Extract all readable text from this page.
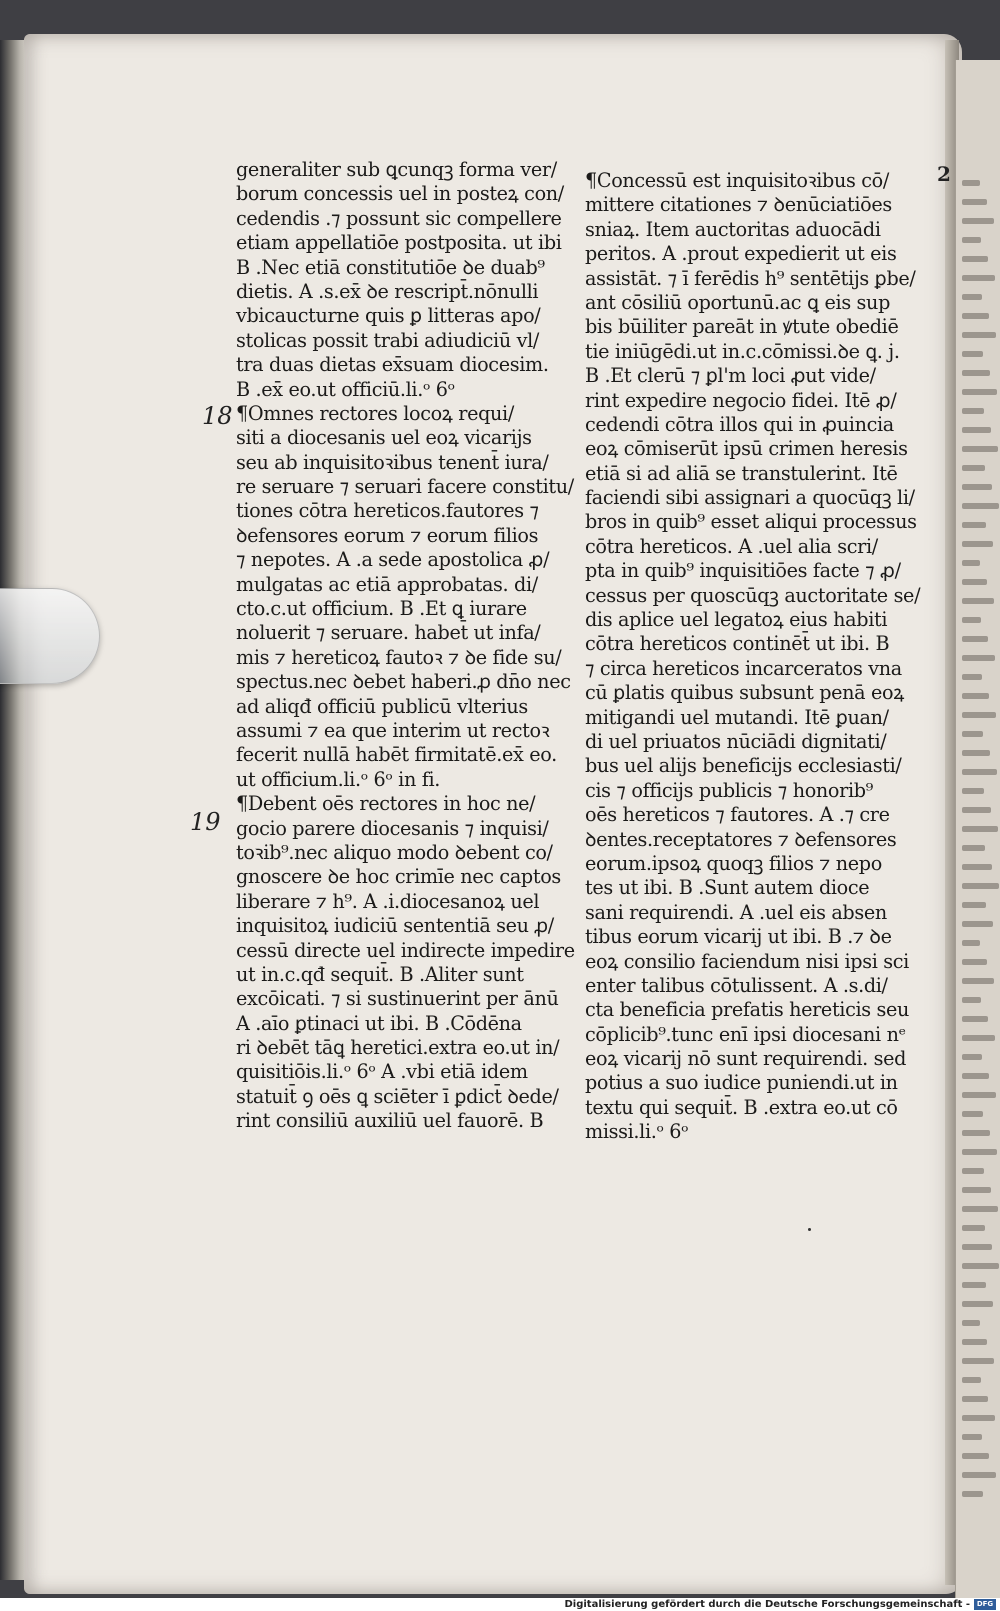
2
18
19
generaliter sub ꝗcunqꝫ forma ver/
borum concessis uel in posteꝝ con/
cedendis .⁊ possunt sic compellere
etiam appellatiōe postposita. ut ibi
B .Nec etiā constitutiōe ꝺe duab⁹
dietis. A .s.ex̄ ꝺe rescript̄.nōnulli
vbicaucturne quis ꝑ litteras apo/
stolicas possit trabi adiudiciū vl/
tra duas dietas ex̄suam diocesim.
B .ex̄ eo.ut officiū.li.ᵒ 6ᵒ
¶Omnes rectores locoꝝ requi/
siti a diocesanis uel eoꝝ vicarijs
seu ab inquisitoꝛibus tenent̄ iura/
re seruare ⁊ seruari facere constitu/
tiones cōtra hereticos.fautores ⁊
ꝺefensores eorum ⁊ eorum filios
⁊ nepotes. A .a sede apostolica ꝓ/
mulgatas ac etiā approbatas. di/
cto.c.ut officium. B .Et ꝗ iurare
noluerit ⁊ seruare. habet̄ ut infa/
mis ⁊ hereticoꝝ fautoꝛ ⁊ ꝺe fide su/
spectus.nec ꝺebet haberi.ꝓ dn̄o nec
ad aliqđ officiū publicū vlterius
assumi ⁊ ea que interim ut rectoꝛ
fecerit nullā habēt firmitatē.ex̄ eo.
ut officium.li.ᵒ 6ᵒ in fi.
¶Debent oēs rectores in hoc ne/
gocio parere diocesanis ⁊ inquisi/
toꝛib⁹.nec aliquo modo ꝺebent co/
gnoscere ꝺe hoc crimīe nec captos
liberare ⁊ h⁹. A .i.diocesanoꝝ uel
inquisitoꝝ iudiciū sententiā seu ꝓ/
cessū directe uel indirecte impedire
ut in.c.qđ sequit̄. B .Aliter sunt
excōicati. ⁊ si sustinuerint per ānū
A .aīo ꝑtinaci ut ibi. B .Cōdēna
ri ꝺebēt tāꝗ heretici.extra eo.ut in/
quisitiōis.li.ᵒ 6ᵒ A .vbi etiā idem
statuit̄ ꝯ oēs ꝗ sciēter ī ꝑdict̄ ꝺede/
rint consiliū auxiliū uel fauorē. B
¶Concessū est inquisitoꝛibus cō/
mittere citationes ⁊ ꝺenūciatiōes
sniaꝝ. Item auctoritas aduocādi
peritos. A .prout expedierit ut eis
assistāt. ⁊ ī ferēdis h⁹ sentētijs ꝑbe/
ant cōsiliū oportunū.ac ꝗ eis sup
bis būiliter pareāt in ꝟtute obediē
tie iniūgēdi.ut in.c.cōmissi.ꝺe ꝗ. j.
B .Et clerū ⁊ ꝑl'm loci ꝓut vide/
rint expedire negocio fidei. Itē ꝓ/
cedendi cōtra illos qui in ꝓuincia
eoꝝ cōmiserūt ipsū crimen heresis
etiā si ad aliā se transtulerint. Itē
faciendi sibi assignari a quocūqꝫ li/
bros in quib⁹ esset aliqui processus
cōtra hereticos. A .uel alia scri/
pta in quib⁹ inquisitiōes facte ⁊ ꝓ/
cessus per quoscūqꝫ auctoritate se/
dis aplice uel legatoꝝ eius habiti
cōtra hereticos continēt̄ ut ibi. B
⁊ circa hereticos incarceratos vna
cū ꝑlatis quibus subsunt penā eoꝝ
mitigandi uel mutandi. Itē ꝑuan/
di uel priuatos nūciādi dignitati/
bus uel alijs beneficijs ecclesiasti/
cis ⁊ officijs publicis ⁊ honorib⁹
oēs hereticos ⁊ fautores. A .⁊ cre
ꝺentes.receptatores ⁊ ꝺefensores
eorum.ipsoꝝ quoqꝫ filios ⁊ nepo
tes ut ibi. B .Sunt autem dioce
sani requirendi. A .uel eis absen
tibus eorum vicarij ut ibi. B .⁊ ꝺe
eoꝝ consilio faciendum nisi ipsi sci
enter talibus cōtulissent. A .s.di/
cta beneficia prefatis hereticis seu
cōplicib⁹.tunc enī ipsi diocesani nᵉ
eoꝝ vicarij nō sunt requirendi. sed
potius a suo iudice puniendi.ut in
textu qui sequit̄. B .extra eo.ut cō
missi.li.ᵒ 6ᵒ
Digitalisierung gefördert durch die Deutsche Forschungsgemeinschaft - DFG
